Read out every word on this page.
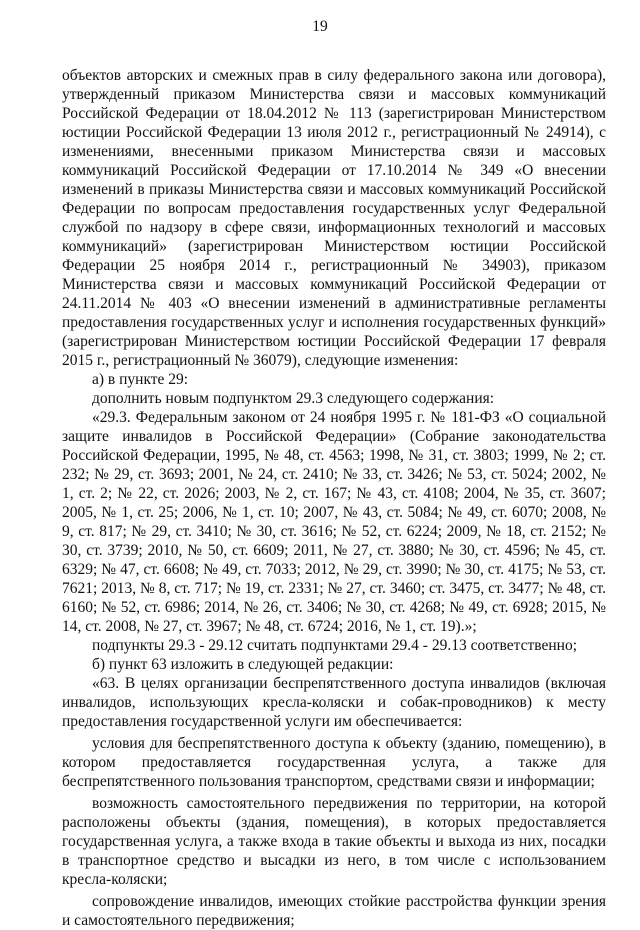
19

объектов авторских и смежных прав в силу федерального закона или договора), утвержденный приказом Министерства связи и массовых коммуникаций Российской Федерации от 18.04.2012 № 113 (зарегистрирован Министерством юстиции Российской Федерации 13 июля 2012 г., регистрационный № 24914), с изменениями, внесенными приказом Министерства связи и массовых коммуникаций Российской Федерации от 17.10.2014 № 349 «О внесении изменений в приказы Министерства связи и массовых коммуникаций Российской Федерации по вопросам предоставления государственных услуг Федеральной службой по надзору в сфере связи, информационных технологий и массовых коммуникаций» (зарегистрирован Министерством юстиции Российской Федерации 25 ноября 2014 г., регистрационный № 34903), приказом Министерства связи и массовых коммуникаций Российской Федерации от 24.11.2014 № 403 «О внесении изменений в административные регламенты предоставления государственных услуг и исполнения государственных функций» (зарегистрирован Министерством юстиции Российской Федерации 17 февраля 2015 г., регистрационный № 36079), следующие изменения:

а) в пункте 29:

дополнить новым подпунктом 29.3 следующего содержания:

«29.3. Федеральным законом от 24 ноября 1995 г. № 181-ФЗ «О социальной защите инвалидов в Российской Федерации» (Собрание законодательства Российской Федерации, 1995, № 48, ст. 4563; 1998, № 31, ст. 3803; 1999, № 2; ст. 232; № 29, ст. 3693; 2001, № 24, ст. 2410; № 33, ст. 3426; № 53, ст. 5024; 2002, № 1, ст. 2; № 22, ст. 2026; 2003, № 2, ст. 167; № 43, ст. 4108; 2004, № 35, ст. 3607; 2005, № 1, ст. 25; 2006, № 1, ст. 10; 2007, № 43, ст. 5084; № 49, ст. 6070; 2008, № 9, ст. 817; № 29, ст. 3410; № 30, ст. 3616; № 52, ст. 6224; 2009, № 18, ст. 2152; № 30, ст. 3739; 2010, № 50, ст. 6609; 2011, № 27, ст. 3880; № 30, ст. 4596; № 45, ст. 6329; № 47, ст. 6608; № 49, ст. 7033; 2012, № 29, ст. 3990; № 30, ст. 4175; № 53, ст. 7621; 2013, № 8, ст. 717; № 19, ст. 2331; № 27, ст. 3460; ст. 3475, ст. 3477; № 48, ст. 6160; № 52, ст. 6986; 2014, № 26, ст. 3406; № 30, ст. 4268; № 49, ст. 6928; 2015, № 14, ст. 2008, № 27, ст. 3967; № 48, ст. 6724; 2016, № 1, ст. 19).»;

подпункты 29.3 - 29.12 считать подпунктами 29.4 - 29.13 соответственно;

б) пункт 63 изложить в следующей редакции:

«63. В целях организации беспрепятственного доступа инвалидов (включая инвалидов, использующих кресла-коляски и собак-проводников) к месту предоставления государственной услуги им обеспечивается:

условия для беспрепятственного доступа к объекту (зданию, помещению), в котором предоставляется государственная услуга, а также для беспрепятственного пользования транспортом, средствами связи и информации;

возможность самостоятельного передвижения по территории, на которой расположены объекты (здания, помещения), в которых предоставляется государственная услуга, а также входа в такие объекты и выхода из них, посадки в транспортное средство и высадки из него, в том числе с использованием кресла-коляски;

сопровождение инвалидов, имеющих стойкие расстройства функции зрения и самостоятельного передвижения;
